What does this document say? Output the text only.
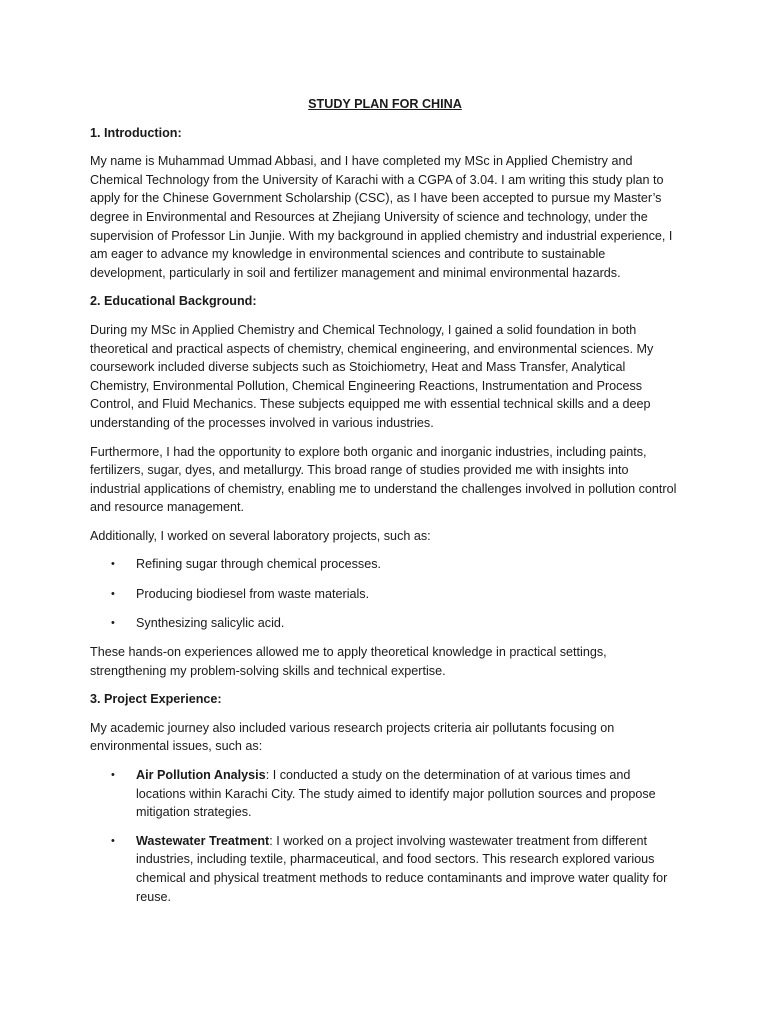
STUDY PLAN FOR CHINA
1. Introduction:

My name is Muhammad Ummad Abbasi, and I have completed my MSc in Applied Chemistry and Chemical Technology from the University of Karachi with a CGPA of 3.04. I am writing this study plan to apply for the Chinese Government Scholarship (CSC), as I have been accepted to pursue my Master’s degree in Environmental and Resources at Zhejiang University of science and technology, under the supervision of Professor Lin Junjie. With my background in applied chemistry and industrial experience, I am eager to advance my knowledge in environmental sciences and contribute to sustainable development, particularly in soil and fertilizer management and minimal environmental hazards.

2. Educational Background:

During my MSc in Applied Chemistry and Chemical Technology, I gained a solid foundation in both theoretical and practical aspects of chemistry, chemical engineering, and environmental sciences. My coursework included diverse subjects such as Stoichiometry, Heat and Mass Transfer, Analytical Chemistry, Environmental Pollution, Chemical Engineering Reactions, Instrumentation and Process Control, and Fluid Mechanics. These subjects equipped me with essential technical skills and a deep understanding of the processes involved in various industries.

Furthermore, I had the opportunity to explore both organic and inorganic industries, including paints, fertilizers, sugar, dyes, and metallurgy. This broad range of studies provided me with insights into industrial applications of chemistry, enabling me to understand the challenges involved in pollution control and resource management.

Additionally, I worked on several laboratory projects, such as:

• Refining sugar through chemical processes.
• Producing biodiesel from waste materials.
• Synthesizing salicylic acid.

These hands-on experiences allowed me to apply theoretical knowledge in practical settings, strengthening my problem-solving skills and technical expertise.

3. Project Experience:

My academic journey also included various research projects criteria air pollutants focusing on environmental issues, such as:

• Air Pollution Analysis: I conducted a study on the determination of at various times and locations within Karachi City. The study aimed to identify major pollution sources and propose mitigation strategies.
• Wastewater Treatment: I worked on a project involving wastewater treatment from different industries, including textile, pharmaceutical, and food sectors. This research explored various chemical and physical treatment methods to reduce contaminants and improve water quality for reuse.
